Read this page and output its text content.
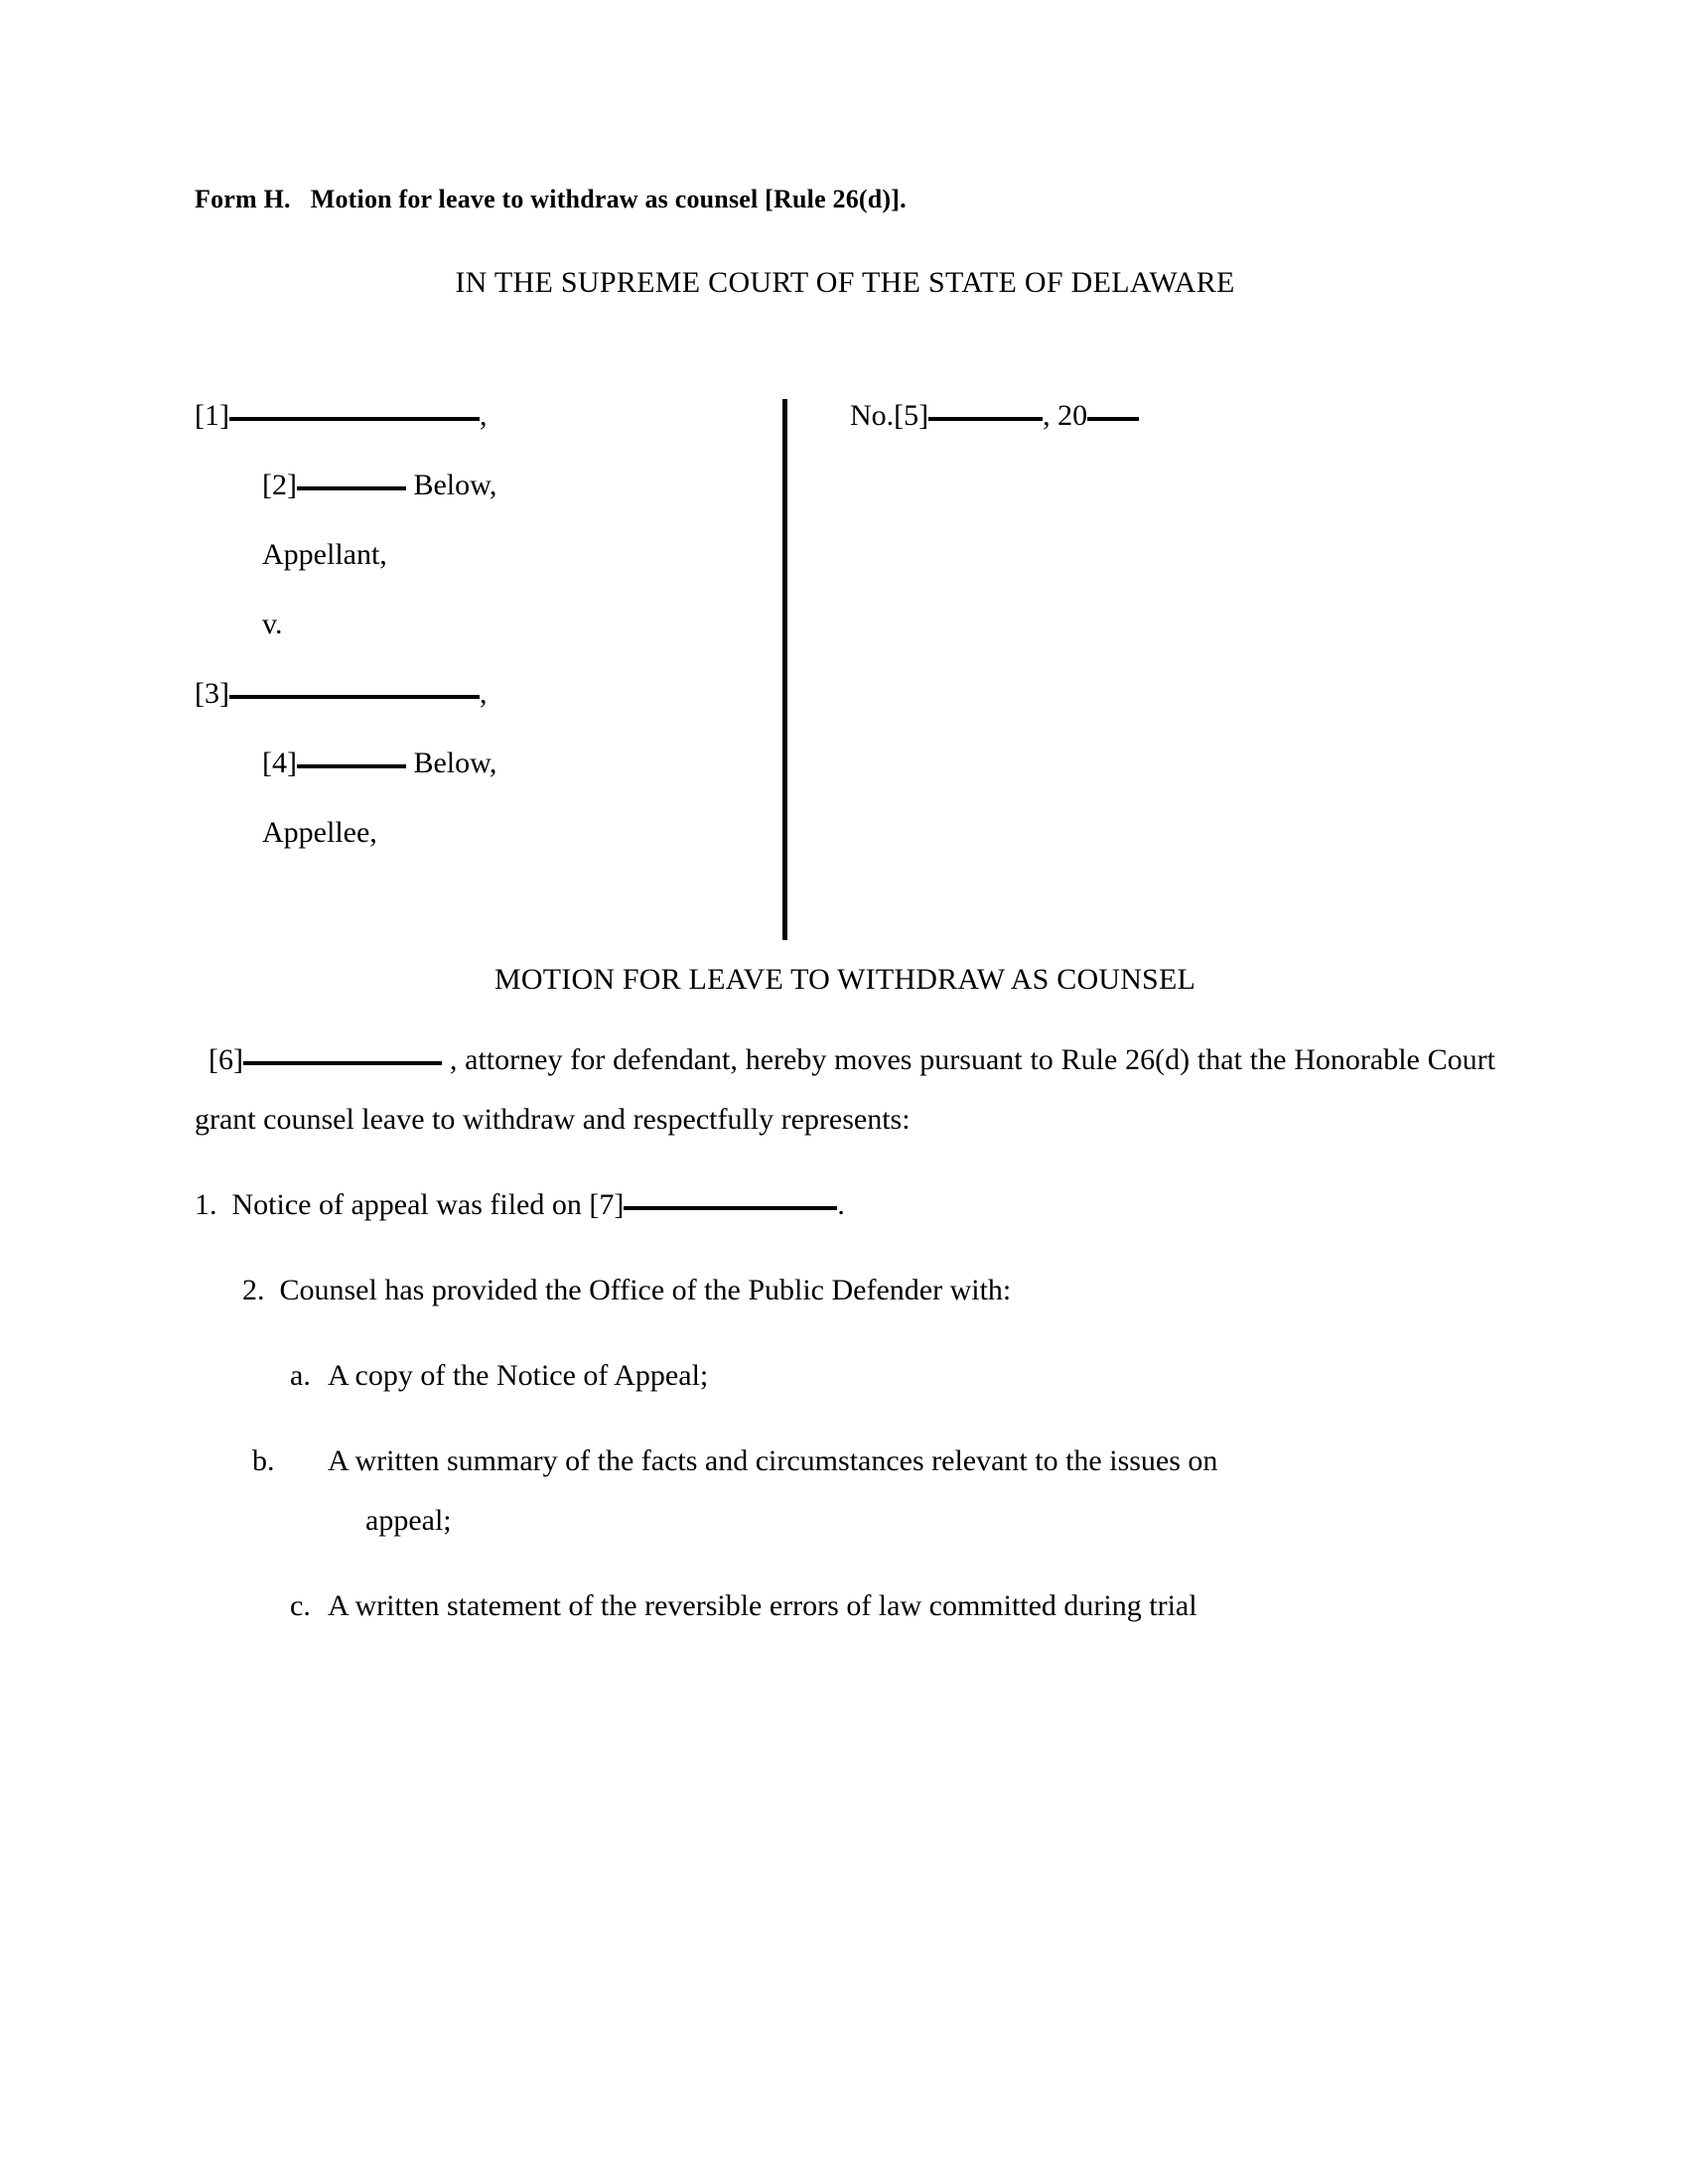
Form H. Motion for leave to withdraw as counsel [Rule 26(d)].
IN THE SUPREME COURT OF THE STATE OF DELAWARE
[1]	,
[2]	Below,
Appellant,
v.
[3]	,
[4]	Below,
Appellee,
No.[5]	, 20
MOTION FOR LEAVE TO WITHDRAW AS COUNSEL
[6]	, attorney for defendant, hereby moves pursuant to Rule 26(d) that the Honorable Court grant counsel leave to withdraw and respectfully represents:
1. Notice of appeal was filed on [7]	.
2. Counsel has provided the Office of the Public Defender with:
a. A copy of the Notice of Appeal;
b. A written summary of the facts and circumstances relevant to the issues on
appeal;
c. A written statement of the reversible errors of law committed during trial
